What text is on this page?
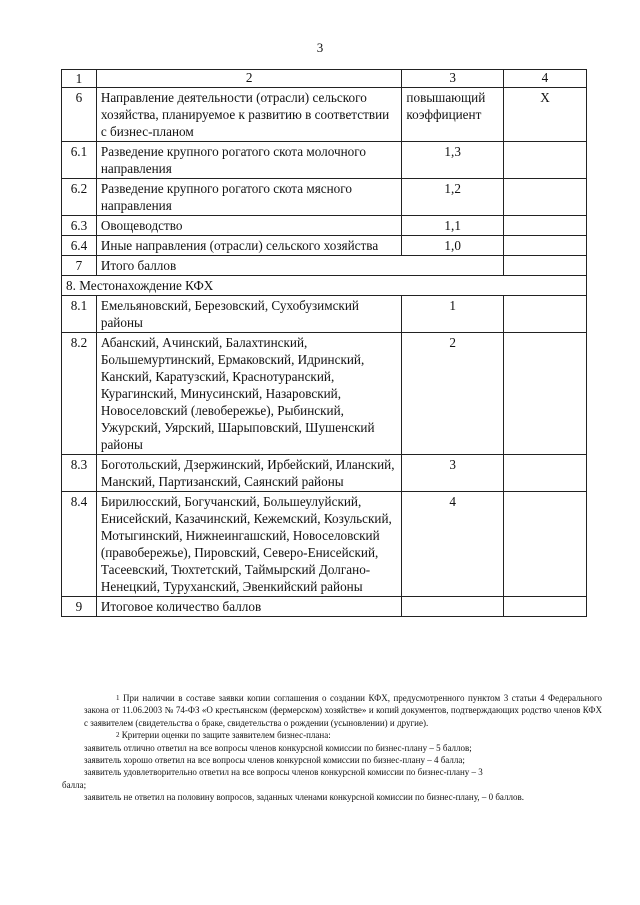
3
1	2	3	4
6	Направление деятельности (отрасли) сельского хозяйства, планируемое к развитию в соответствии с бизнес-планом	повышающий коэффициент	Х
6.1	Разведение крупного рогатого скота молочного направления	1,3	
6.2	Разведение крупного рогатого скота мясного направления	1,2	
6.3	Овощеводство	1,1	
6.4	Иные направления (отрасли) сельского хозяйства	1,0	
7	Итого баллов		
8. Местонахождение КФХ			
8.1	Емельяновский, Березовский, Сухобузимский районы	1	
8.2	Абанский, Ачинский, Балахтинский, Большемуртинский, Ермаковский, Идринский, Канский, Каратузский, Краснотуранский, Курагинский, Минусинский, Назаровский, Новоселовский (левобережье), Рыбинский, Ужурский, Уярский, Шарыповский, Шушенский районы	2	
8.3	Боготольский, Дзержинский, Ирбейский, Иланский, Манский, Партизанский, Саянский районы	3	
8.4	Бирилюсский, Богучанский, Большеулуйский, Енисейский, Казачинский, Кежемский, Козульский, Мотыгинский, Нижнеингашский, Новоселовский (правобережье), Пировский, Северо-Енисейский, Тасеевский, Тюхтетский, Таймырский Долгано-Ненецкий, Туруханский, Эвенкийский районы	4	
9	Итоговое количество баллов		

$^1$ При наличии в составе заявки копии соглашения о создании КФХ, предусмотренного пунктом 3 статьи 4 Федерального закона от 11.06.2003 № 74-ФЗ «О крестьянском (фермерском) хозяйстве» и копий документов, подтверждающих родство членов КФХ с заявителем (свидетельства о браке, свидетельства о рождении (усыновлении) и другие).

$^2$ Критерии оценки по защите заявителем бизнес-плана:

заявитель отлично ответил на все вопросы членов конкурсной комиссии по бизнес-плану – 5 баллов;

заявитель хорошо ответил на все вопросы членов конкурсной комиссии по бизнес-плану – 4 балла;

заявитель удовлетворительно ответил на все вопросы членов конкурсной комиссии по бизнес-плану – 3

балла;

заявитель не ответил на половину вопросов, заданных членами конкурсной комиссии по бизнес-плану, – 0 баллов.
